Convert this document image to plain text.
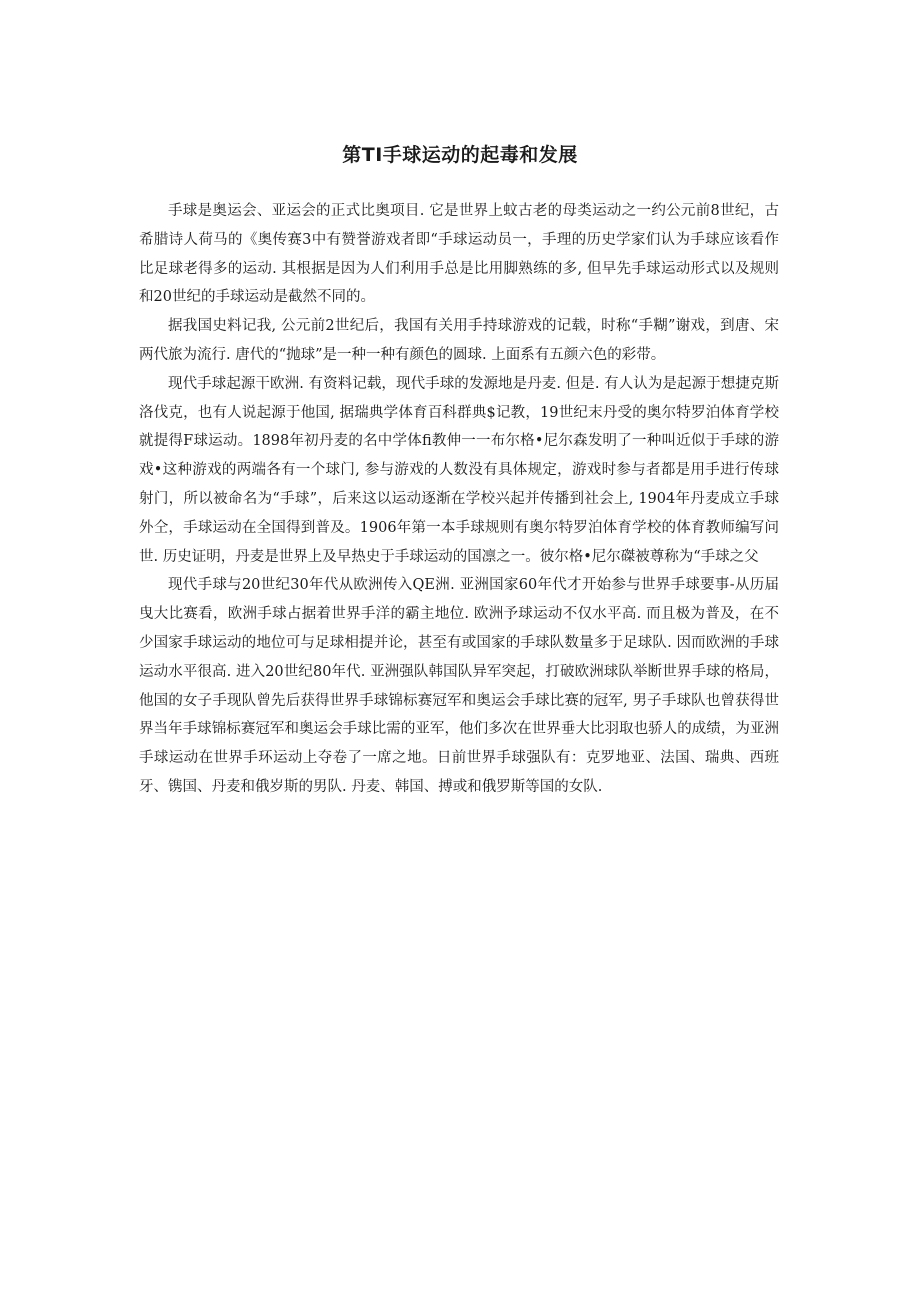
第TI手球运动的起毒和发展

手球是奥运会、亚运会的正式比奥项目. 它是世界上蚊古老的母类运动之一约公元前8世纪，古希腊诗人荷马的《奥传赛3中有赞誉游戏者即“手球运动员一，手理的历史学家们认为手球应该看作比足球老得多的运动. 其根据是因为人们利用手总是比用脚熟练的多, 但早先手球运动形式以及规则和20世纪的手球运动是截然不同的。

据我国史料记我, 公元前2世纪后，我国有关用手持球游戏的记载，时称“手糊”谢戏，到唐、宋两代旅为流行. 唐代的“抛球”是一种一种有颜色的圆球. 上面系有五颜六色的彩带。

现代手球起源干欧洲. 有资料记载，现代手球的发源地是丹麦. 但是. 有人认为是起源于想捷克斯洛伐克，也有人说起源于他国, 据瑞典学体育百科群典$记教，19世纪末丹受的奥尔特罗泊体育学校就提得F球运动。1898年初丹麦的名中学体fi教伸一一布尔格•尼尔森发明了一种叫近似于手球的游戏•这种游戏的两端各有一个球门, 参与游戏的人数没有具体规定，游戏时参与者都是用手进行传球射门，所以被命名为“手球”，后来这以运动逐渐在学校兴起并传播到社会上, 1904年丹麦成立手球外仝，手球运动在全国得到普及。1906年第一本手球规则有奥尔特罗泊体育学校的体育教师编写问世. 历史证明，丹麦是世界上及早热史于手球运动的国凛之一。彼尔格•尼尔磔被尊称为“手球之父

现代手球与20世纪30年代从欧洲传入QE洲. 亚洲国家60年代才开始参与世界手球要事-从历届曳大比赛看，欧洲手球占据着世界手洋的霸主地位. 欧洲予球运动不仅水平高. 而且极为普及，在不少国家手球运动的地位可与足球相提并论，甚至有或国家的手球队数量多于足球队. 因而欧洲的手球运动水平很高. 进入20世纪80年代. 亚洲强队韩国队异军突起，打破欧洲球队举断世界手球的格局，他国的女子手现队曾先后获得世界手球锦标赛冠军和奥运会手球比赛的冠军, 男子手球队也曾获得世界当年手球锦标赛冠军和奥运会手球比需的亚军，他们多次在世界垂大比羽取也骄人的成绩，为亚洲手球运动在世界手环运动上夺卷了一席之地。日前世界手球强队有：克罗地亚、法国、瑞典、西班牙、镌国、丹麦和俄岁斯的男队. 丹麦、韩国、搏或和俄罗斯等国的女队.
